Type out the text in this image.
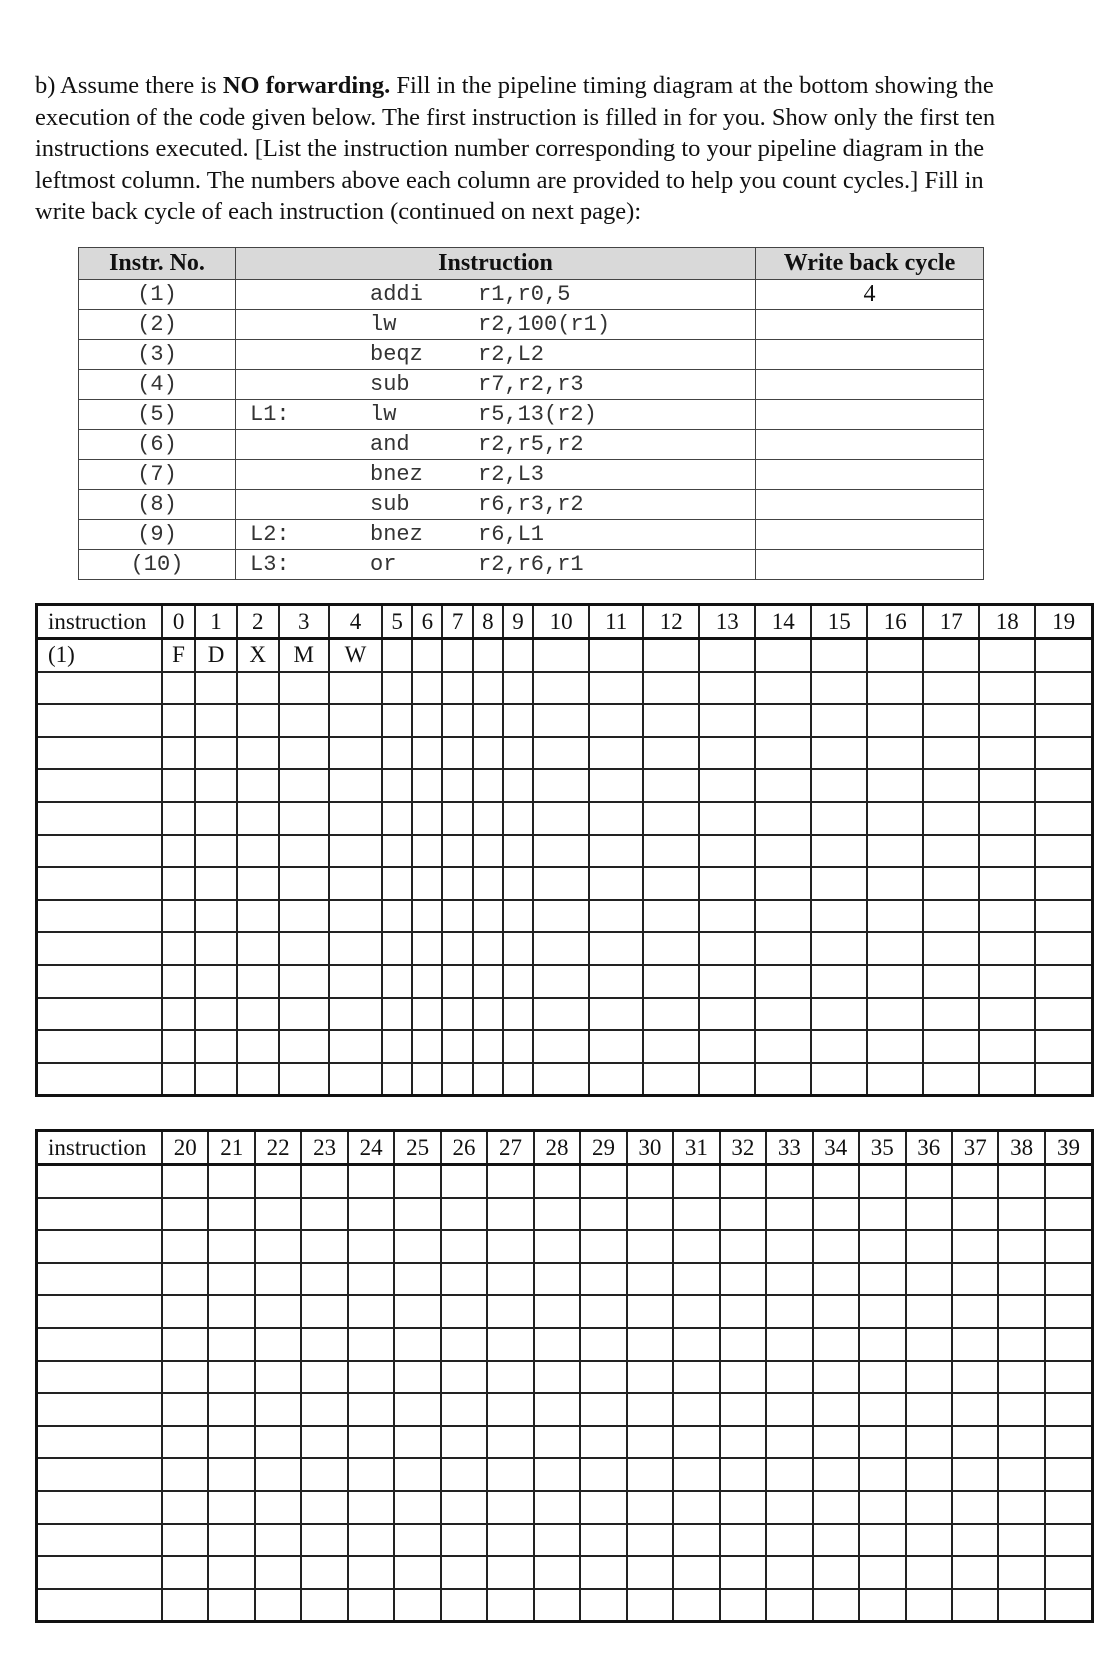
b) Assume there is NO forwarding. Fill in the pipeline timing diagram at the bottom showing the execution of the code given below. The first instruction is filled in for you. Show only the first ten instructions executed. [List the instruction number corresponding to your pipeline diagram in the leftmost column. The numbers above each column are provided to help you count cycles.] Fill in write back cycle of each instruction (continued on next page):

Instr. No.	Instruction	Write back cycle
(1)	addi r1,r0,5	4
(2)	lw r2,100(r1)	

(3)	beqz r2,L2	

(4)	sub r7,r2,r3	

(5)	L1: lw r5,13(r2)	

(6)	and r2,r5,r2	

(7)	bnez r2,L3	

(8)	sub r6,r3,r2	

(9)	L2: bnez r6,L1	

(10)	L3: or r2,r6,r1	

instruction	0	1	2	3	4	5	6	7	8	9	10	11	12	13	14	15	16	17	18	19
(1)	F	D	X	M	W															

instruction	20	21	22	23	24	25	26	27	28	29	30	31	32	33	34	35	36	37	38	39
